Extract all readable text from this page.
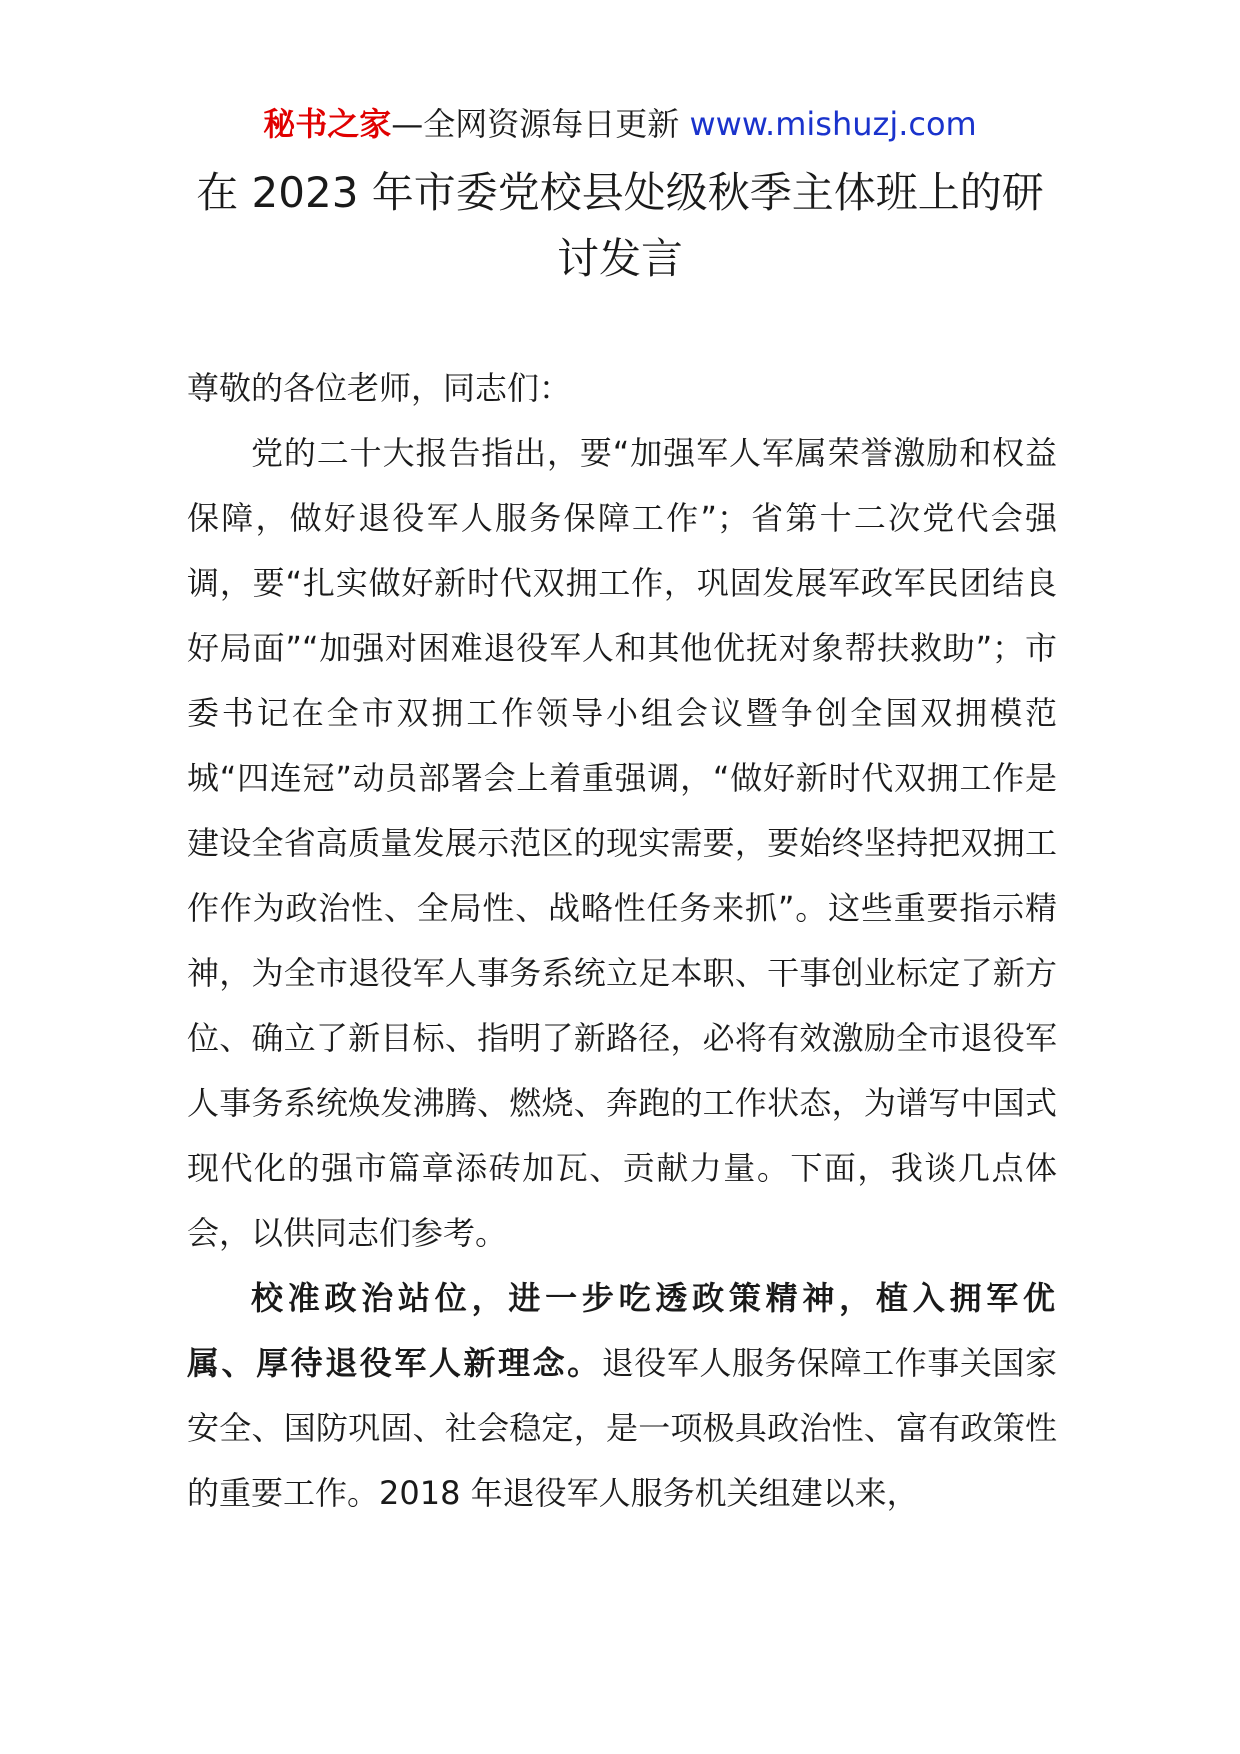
秘书之家—全网资源每日更新 www.mishuzj.com
在 2023 年市委党校县处级秋季主体班上的研讨发言

尊敬的各位老师，同志们：

党的二十大报告指出，要“加强军人军属荣誉激励和权益保障，做好退役军人服务保障工作”；省第十二次党代会强调，要“扎实做好新时代双拥工作，巩固发展军政军民团结良好局面”“加强对困难退役军人和其他优抚对象帮扶救助”；市委书记在全市双拥工作领导小组会议暨争创全国双拥模范城“四连冠”动员部署会上着重强调，“做好新时代双拥工作是建设全省高质量发展示范区的现实需要，要始终坚持把双拥工作作为政治性、全局性、战略性任务来抓”。这些重要指示精神，为全市退役军人事务系统立足本职、干事创业标定了新方位、确立了新目标、指明了新路径，必将有效激励全市退役军人事务系统焕发沸腾、燃烧、奔跑的工作状态，为谱写中国式现代化的强市篇章添砖加瓦、贡献力量。下面，我谈几点体会，以供同志们参考。

校准政治站位，进一步吃透政策精神，植入拥军优属、厚待退役军人新理念。退役军人服务保障工作事关国家安全、国防巩固、社会稳定，是一项极具政治性、富有政策性的重要工作。2018 年退役军人服务机关组建以来，
